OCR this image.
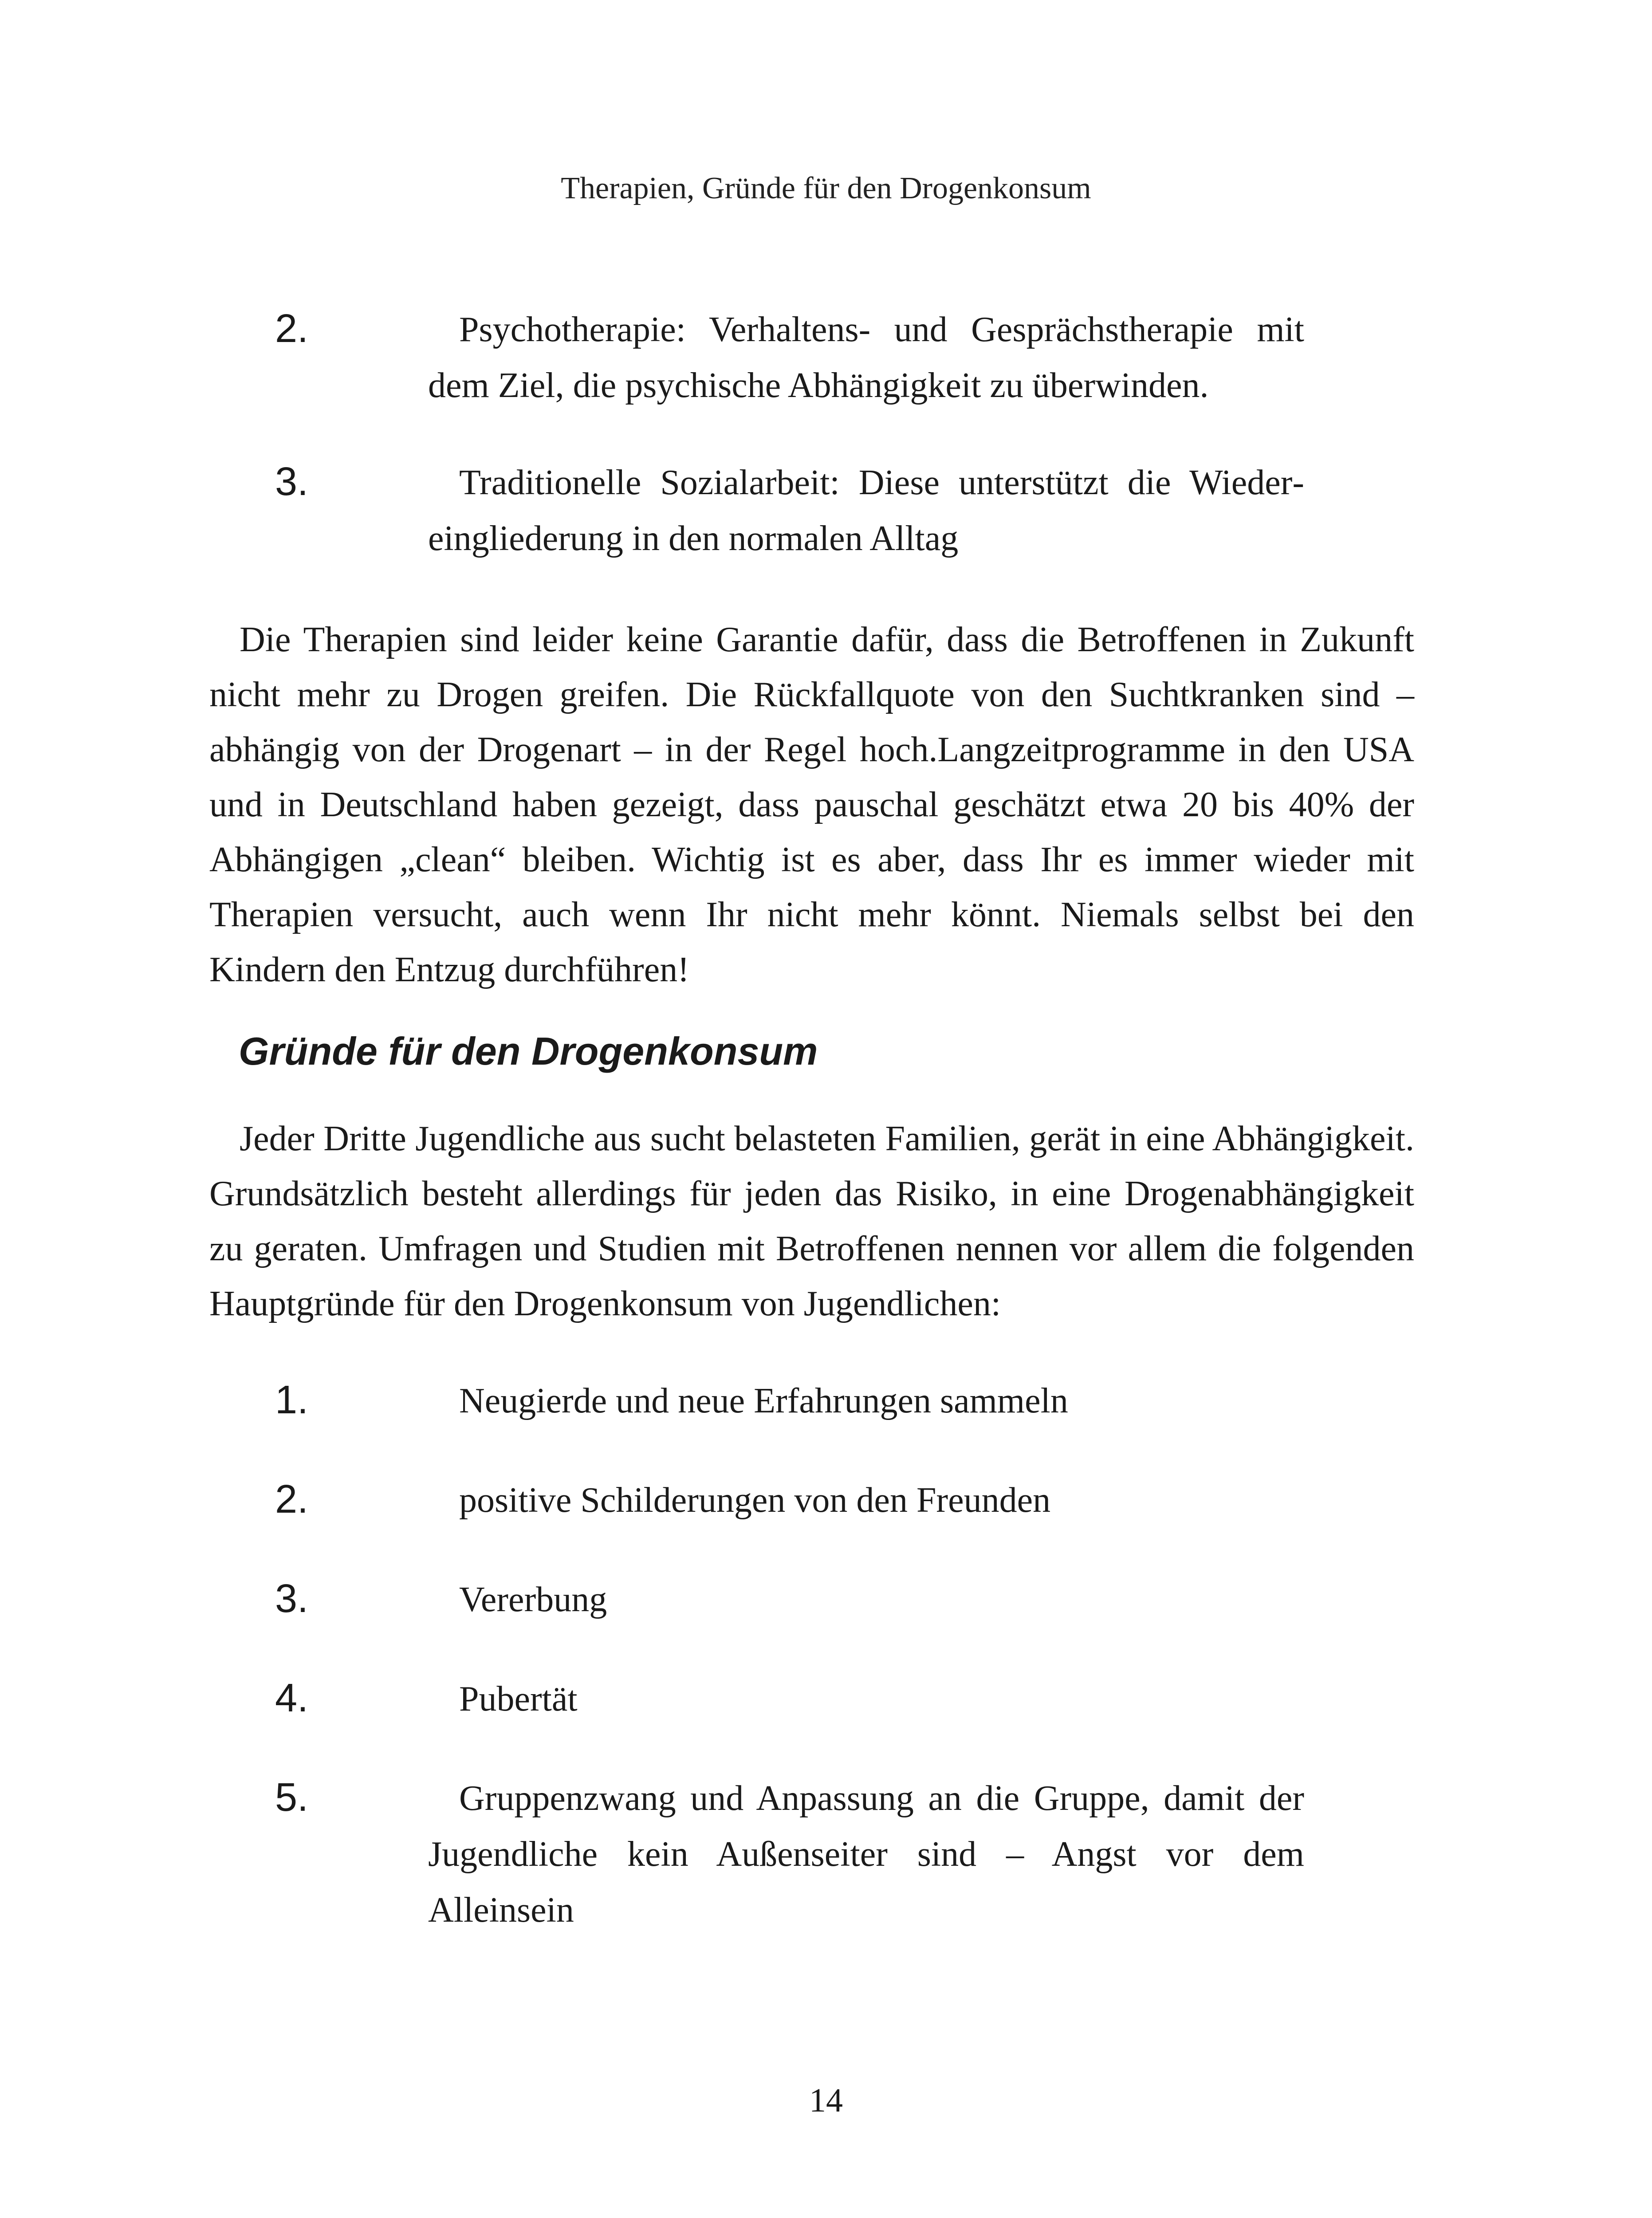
Therapien, Gründe für den Drogenkonsum
2.	Psychotherapie: Verhaltens- und Gesprächstherapie mit dem Ziel, die psychische Abhängigkeit zu überwinden.
3.	Traditionelle Sozialarbeit: Diese unterstützt die Wiedereingliederung in den normalen Alltag

Die Therapien sind leider keine Garantie dafür, dass die Betroffenen in Zukunft nicht mehr zu Drogen greifen. Die Rückfallquote von den Suchtkranken sind – abhängig von der Drogenart – in der Regel hoch.Langzeitprogramme in den USA und in Deutschland haben gezeigt, dass pauschal geschätzt etwa 20 bis 40% der Abhängigen „clean“ bleiben. Wichtig ist es aber, dass Ihr es immer wieder mit Therapien versucht, auch wenn Ihr nicht mehr könnt. Niemals selbst bei den Kindern den Entzug durchführen!

Gründe für den Drogenkonsum

Jeder Dritte Jugendliche aus sucht belasteten Familien, gerät in eine Abhängigkeit. Grundsätzlich besteht allerdings für jeden das Risiko, in eine Drogenabhängigkeit zu geraten. Umfragen und Studien mit Betroffenen nennen vor allem die folgenden Hauptgründe für den Drogenkonsum von Jugendlichen:

1.	Neugierde und neue Erfahrungen sammeln
2.	positive Schilderungen von den Freunden
3.	Vererbung
4.	Pubertät
5.	Gruppenzwang und Anpassung an die Gruppe, damit der Jugendliche kein Außenseiter sind – Angst vor dem Alleinsein
14
